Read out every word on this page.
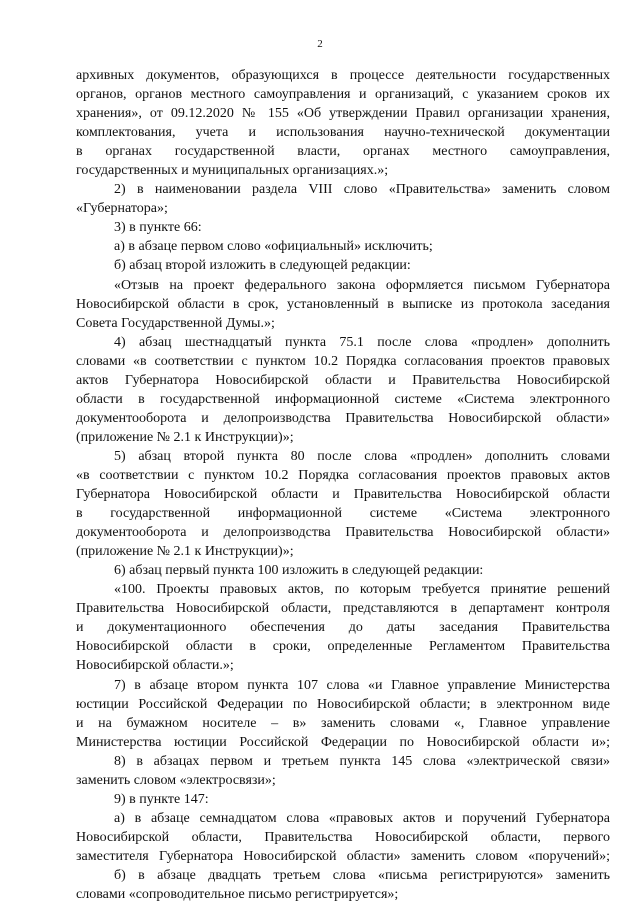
2
архивных документов, образующихся в процессе деятельности государственных
органов, органов местного самоуправления и организаций, с указанием сроков их
хранения», от 09.12.2020 № 155 «Об утверждении Правил организации хранения,
комплектования, учета и использования научно-технической документации
в органах государственной власти, органах местного самоуправления,
государственных и муниципальных организациях.»;
2) в наименовании раздела VIII слово «Правительства» заменить словом
«Губернатора»;
3) в пункте 66:
а) в абзаце первом слово «официальный» исключить;
б) абзац второй изложить в следующей редакции:
«Отзыв на проект федерального закона оформляется письмом Губернатора
Новосибирской области в срок, установленный в выписке из протокола заседания
Совета Государственной Думы.»;
4) абзац шестнадцатый пункта 75.1 после слова «продлен» дополнить
словами «в соответствии с пунктом 10.2 Порядка согласования проектов правовых
актов Губернатора Новосибирской области и Правительства Новосибирской
области в государственной информационной системе «Система электронного
документооборота и делопроизводства Правительства Новосибирской области»
(приложение № 2.1 к Инструкции)»;
5) абзац второй пункта 80 после слова «продлен» дополнить словами
«в соответствии с пунктом 10.2 Порядка согласования проектов правовых актов
Губернатора Новосибирской области и Правительства Новосибирской области
в государственной информационной системе «Система электронного
документооборота и делопроизводства Правительства Новосибирской области»
(приложение № 2.1 к Инструкции)»;
6) абзац первый пункта 100 изложить в следующей редакции:
«100. Проекты правовых актов, по которым требуется принятие решений
Правительства Новосибирской области, представляются в департамент контроля
и документационного обеспечения до даты заседания Правительства
Новосибирской области в сроки, определенные Регламентом Правительства
Новосибирской области.»;
7) в абзаце втором пункта 107 слова «и Главное управление Министерства
юстиции Российской Федерации по Новосибирской области; в электронном виде
и на бумажном носителе – в» заменить словами «, Главное управление
Министерства юстиции Российской Федерации по Новосибирской области и»;
8) в абзацах первом и третьем пункта 145 слова «электрической связи»
заменить словом «электросвязи»;
9) в пункте 147:
а) в абзаце семнадцатом слова «правовых актов и поручений Губернатора
Новосибирской области, Правительства Новосибирской области, первого
заместителя Губернатора Новосибирской области» заменить словом «поручений»;
б) в абзаце двадцать третьем слова «письма регистрируются» заменить
словами «сопроводительное письмо регистрируется»;
